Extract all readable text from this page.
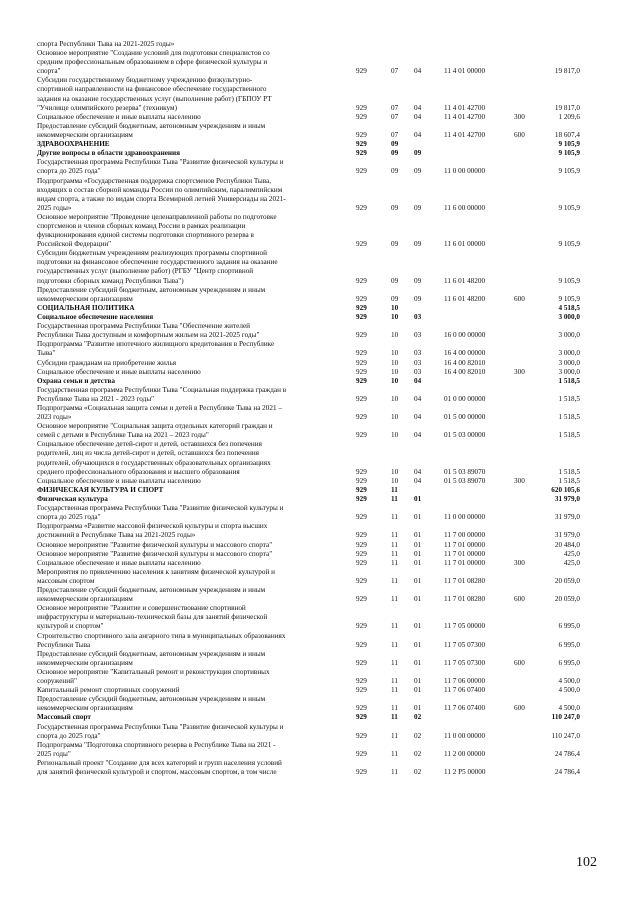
спорта Республики Тыва на 2021-2025 годы»
Основное мероприятие "Создание условий для подготовки специалистов со
средним профессиональным образованием в сфере физической культуры и
спорта"	929	07 04	11 4 01 00000	19 817,0
Субсидии государственному бюджетному учреждению физкультурно-
спортивной направленности на финансовое обеспечение государственного
задания на оказание государственных услуг (выполнение работ) (ГБПОУ РТ
"Училище олимпийского резерва" (техникум)	929	07 04	11 4 01 42700	19 817,0
Социальное обеспечение и иные выплаты населению	929	07 04	11 4 01 42700	300	1 209,6
Предоставление субсидий бюджетным, автономным учреждениям и иным
некоммерческим организациям	929	07 04	11 4 01 42700	600	18 607,4
ЗДРАВООХРАНЕНИЕ	929	09	9 105,9
Другие вопросы в области здравоохранения	929	09 09	9 105,9
Государственная программа Республики Тыва "Развитие физической культуры и
спорта до 2025 года"	929	09 09	11 0 00 00000	9 105,9
Подпрограмма «Государственная поддержка спортсменов Республики Тыва,
входящих в состав сборной команды России по олимпийским, паралимпийским
видам спорта, а также по видам спорта Всемирной летней Универсиады на 2021-
2025 годы»	929	09 09	11 6 00 00000	9 105,9
Основное мероприятие "Проведение целенаправленной работы по подготовке
спортсменов и членов сборных команд России в рамках реализации
функционирования единой системы подготовки спортивного резерва в
Российской Федерации"	929	09 09	11 6 01 00000	9 105,9
Субсидии бюджетным учреждениям реализующих программы спортивной
подготовки на финансовое обеспечение государственного задания на оказание
государственных услуг (выполнение работ) (РГБУ "Центр спортивной
подготовки сборных команд Республики Тыва")	929	09 09	11 6 01 48200	9 105,9
Предоставление субсидий бюджетным, автономным учреждениям и иным
некоммерческим организациям	929	09 09	11 6 01 48200	600	9 105,9
СОЦИАЛЬНАЯ ПОЛИТИКА	929	10	4 518,5
Социальное обеспечение населения	929	10 03	3 000,0
Государственная программа Республики Тыва "Обеспечение жителей
Республики Тыва доступным и комфортным жильем на 2021-2025 годы"	929	10 03	16 0 00 00000	3 000,0
Подпрограмма "Развитие ипотечного жилищного кредитования в Республике
Тыва"	929	10 03	16 4 00 00000	3 000,0
Субсидии гражданам на приобретение жилья	929	10 03	16 4 00 82010	3 000,0
Социальное обеспечение и иные выплаты населению	929	10 03	16 4 00 82010	300	3 000,0
Охрана семьи и детства	929	10 04	1 518,5
Государственная программа Республики Тыва "Социальная поддержка граждан в
Республике Тыва на 2021 - 2023 годы"	929	10 04	01 0 00 00000	1 518,5
Подпрограмма «Социальная защита семьи и детей в Республике Тыва на 2021 –
2023 годы»	929	10 04	01 5 00 00000	1 518,5
Основное мероприятие "Социальная защита отдельных категорий граждан и
семей с детьми в Республике Тыва на 2021 – 2023 годы"	929	10 04	01 5 03 00000	1 518,5
Социальное обеспечение детей-сирот и детей, оставшихся без попечения
родителей, лиц из числа детей-сирот и детей, оставшихся без попечения
родителей, обучающихся в государственных образовательных организациях
среднего профессионального образования и высшего образования	929	10 04	01 5 03 89070	1 518,5
Социальное обеспечение и иные выплаты населению	929	10 04	01 5 03 89070	300	1 518,5
ФИЗИЧЕСКАЯ КУЛЬТУРА И СПОРТ	929	11	620 105,6
Физическая культура	929	11 01	31 979,0
Государственная программа Республики Тыва "Развитие физической культуры и
спорта до 2025 года"	929	11 01	11 0 00 00000	31 979,0
Подпрограмма «Развитие массовой физической культуры и спорта высших
достижений в Республике Тыва на 2021-2025 годы»	929	11 01	11 7 00 00000	31 979,0
Основное мероприятие "Развитие физической культуры и массового спорта"	929	11 01	11 7 01 00000	20 484,0
Основное мероприятие "Развитие физической культуры и массового спорта"	929	11 01	11 7 01 00000	425,0
Социальное обеспечение и иные выплаты населению	929	11 01	11 7 01 00000	300	425,0
Мероприятия по привлечению населения к занятиям физической культурой и
массовым спортом	929	11 01	11 7 01 08280	20 059,0
Предоставление субсидий бюджетным, автономным учреждениям и иным
некоммерческим организациям	929	11 01	11 7 01 08280	600	20 059,0
Основное мероприятие "Развитие и совершенствование спортивной
инфраструктуры и материально-технической базы для занятий физической
культурой и спортом"	929	11 01	11 7 05 00000	6 995,0
Строительство спортивного зала ангарного типа в муниципальных образованиях
Республики Тыва	929	11 01	11 7 05 07300	6 995,0
Предоставление субсидий бюджетным, автономным учреждениям и иным
некоммерческим организациям	929	11 01	11 7 05 07300	600	6 995,0
Основное мероприятие "Капитальный ремонт и реконструкция спортивных
сооружений"	929	11 01	11 7 06 00000	4 500,0
Капитальный ремонт спортивных сооружений	929	11 01	11 7 06 07400	4 500,0
Предоставление субсидий бюджетным, автономным учреждениям и иным
некоммерческим организациям	929	11 01	11 7 06 07400	600	4 500,0
Массовый спорт	929	11 02	110 247,0
Государственная программа Республики Тыва "Развитие физической культуры и
спорта до 2025 года"	929	11 02	11 0 00 00000	110 247,0
Подпрограмма "Подготовка спортивного резерва в Республике Тыва на 2021 -
2025 годы"	929	11 02	11 2 00 00000	24 786,4
Региональный проект "Создание для всех категорий и групп населения условий
для занятий физической культурой и спортом, массовым спортом, в том числе	929	11 02	11 2 P5 00000	24 786,4
102
